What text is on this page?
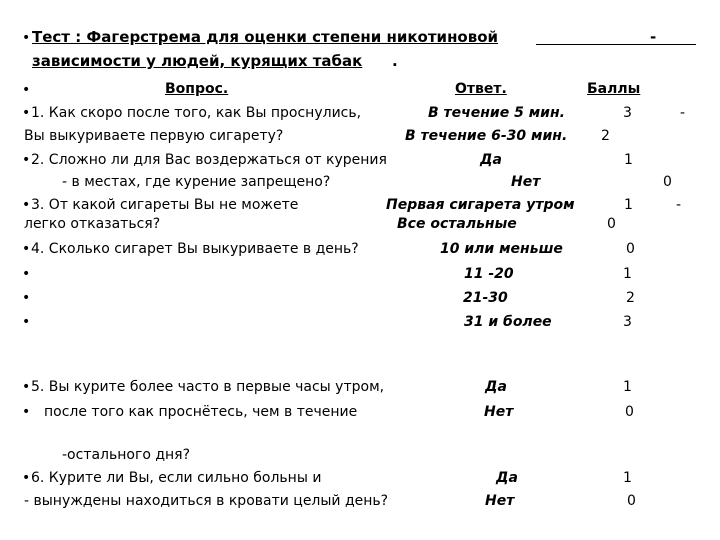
• Тест : Фагерстрема для оценки степени никотиновой	-
зависимости у людей, курящих табак .
•	Вопрос.	Ответ.	Баллы
• 1. Как скоро после того, как Вы проснулись,	В течение 5 мин.	3	-
Вы выкуриваете первую сигарету?	В течение 6-30 мин. 2
• 2. Сложно ли для Вас воздержаться от курения	Да	1
- в местах, где курение запрещено?	Нет	0
• 3. От какой сигареты Вы не можете	Первая сигарета утром	1	-
легко отказаться?	Все остальные	0
• 4. Сколько сигарет Вы выкуриваете в день?	10 или меньше	0
•	11 -20	1
•	21-30	2
•	31 и более	3
• 5. Вы курите более часто в первые часы утром,	Да	1
• после того как проснётесь, чем в течение	Нет	0
-остального дня?
• 6. Курите ли Вы, если сильно больны и	Да	1
- вынуждены находиться в кровати целый день?	Нет	0
